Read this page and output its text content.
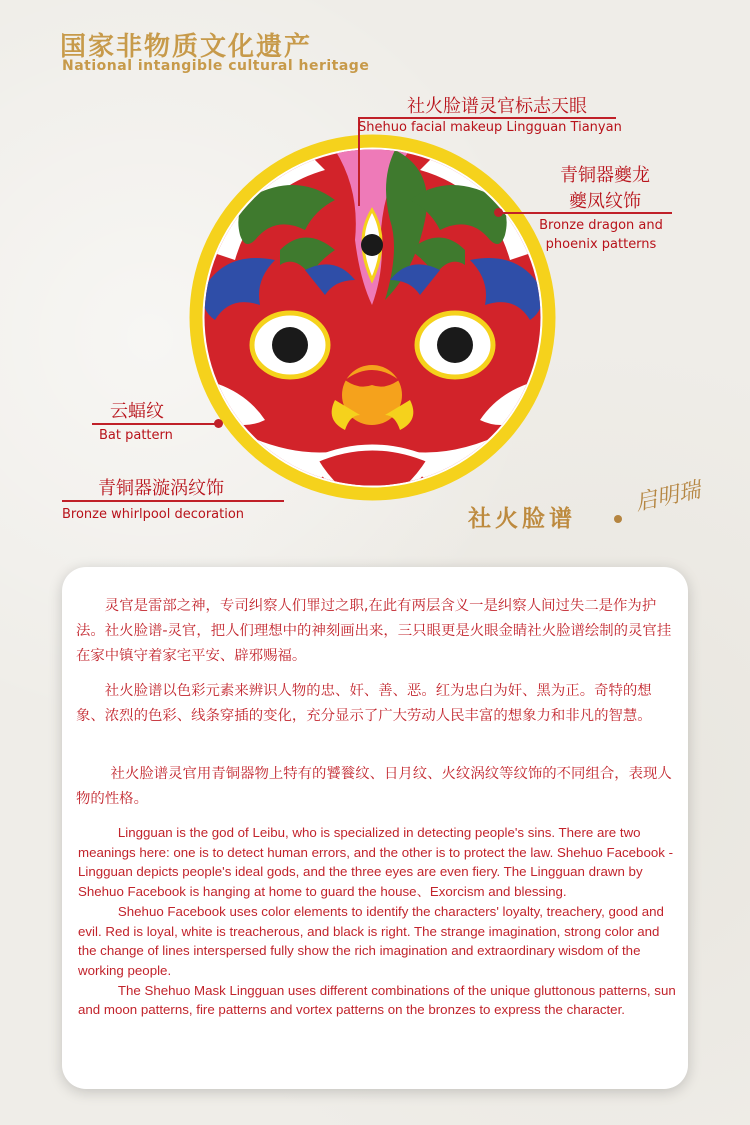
国家非物质文化遗产
National intangible cultural heritage
社火脸谱灵官标志天眼
Shehuo facial makeup Lingguan Tianyan
青铜器夔龙
夔凤纹饰
Bronze dragon and
phoenix patterns
云蝠纹
Bat pattern
青铜器漩涡纹饰
Bronze whirlpool decoration	社火脸谱
启明瑞

灵官是雷部之神，专司纠察人们罪过之职,在此有两层含义一是纠察人间过失二是作为护法。社火脸谱-灵官，把人们理想中的神刻画出来，三只眼更是火眼金睛社火脸谱绘制的灵官挂在家中镇守着家宅平安、辟邪赐福。

社火脸谱以色彩元素来辨识人物的忠、奸、善、恶。红为忠白为奸、黑为正。奇特的想象、浓烈的色彩、线条穿插的变化，充分显示了广大劳动人民丰富的想象力和非凡的智慧。

社火脸谱灵官用青铜器物上特有的饕餮纹、日月纹、火纹涡纹等纹饰的不同组合，表现人物的性格。

Lingguan is the god of Leibu, who is specialized in detecting people's sins. There are two meanings here: one is to detect human errors, and the other is to protect the law. Shehuo Facebook - Lingguan depicts people's ideal gods, and the three eyes are even fiery. The Lingguan drawn by Shehuo Facebook is hanging at home to guard the house、Exorcism and blessing.

Shehuo Facebook uses color elements to identify the characters' loyalty, treachery, good and evil. Red is loyal, white is treacherous, and black is right. The strange imagination, strong color and the change of lines interspersed fully show the rich imagination and extraordinary wisdom of the working people.

The Shehuo Mask Lingguan uses different combinations of the unique gluttonous patterns, sun and moon patterns, fire patterns and vortex patterns on the bronzes to express the character.
